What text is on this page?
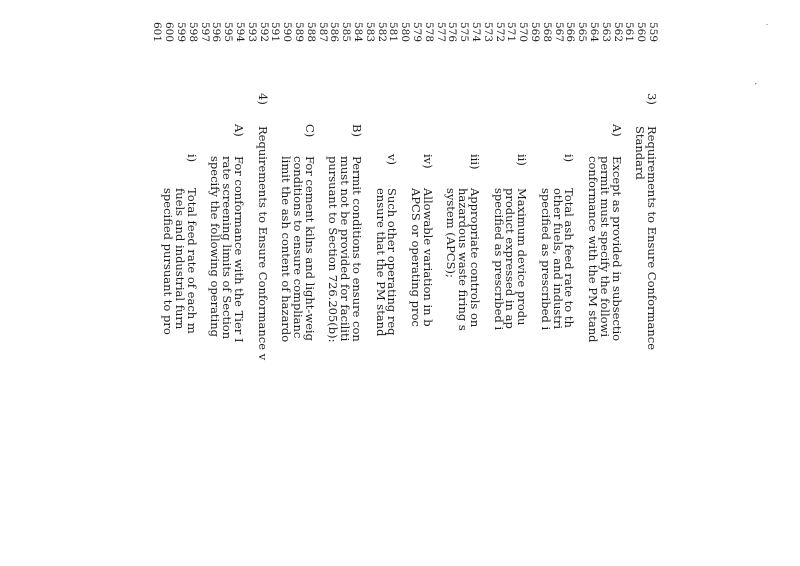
˙
·
559
560
561
562
563
564
565
566
567
568
569
570
571
572
573
574
575
576
577
578
579
580
581
582
583
584
585
586
587
588
589
590
591
592
593
594
595
596
597
598
599
600
601
3)
Requirements to Ensure Conformance
Standard
A)
Except as provided in subsectio
permit must specify the followi
conformance with the PM stand
i)
Total ash feed rate to th
other fuels, and industri
specified as prescribed i
ii)
Maximum device produ
product expressed in ap
specified as prescribed i
iii)
Appropriate controls on
hazardous waste firing s
system (APCS);
iv)
Allowable variation in b
APCS or operating proc
v)
Such other operating req
ensure that the PM stand
B)
Permit conditions to ensure con
must not be provided for faciliti
pursuant to Section 726.205(b):
C)
For cement kilns and light-weig
conditions to ensure complianc
limit the ash content of hazardo
4)
Requirements to Ensure Conformance v
A)
For conformance with the Tier I
rate screening limits of Section
specify the following operating
i)
Total feed rate of each m
fuels and industrial furn
specified pursuant to pro
